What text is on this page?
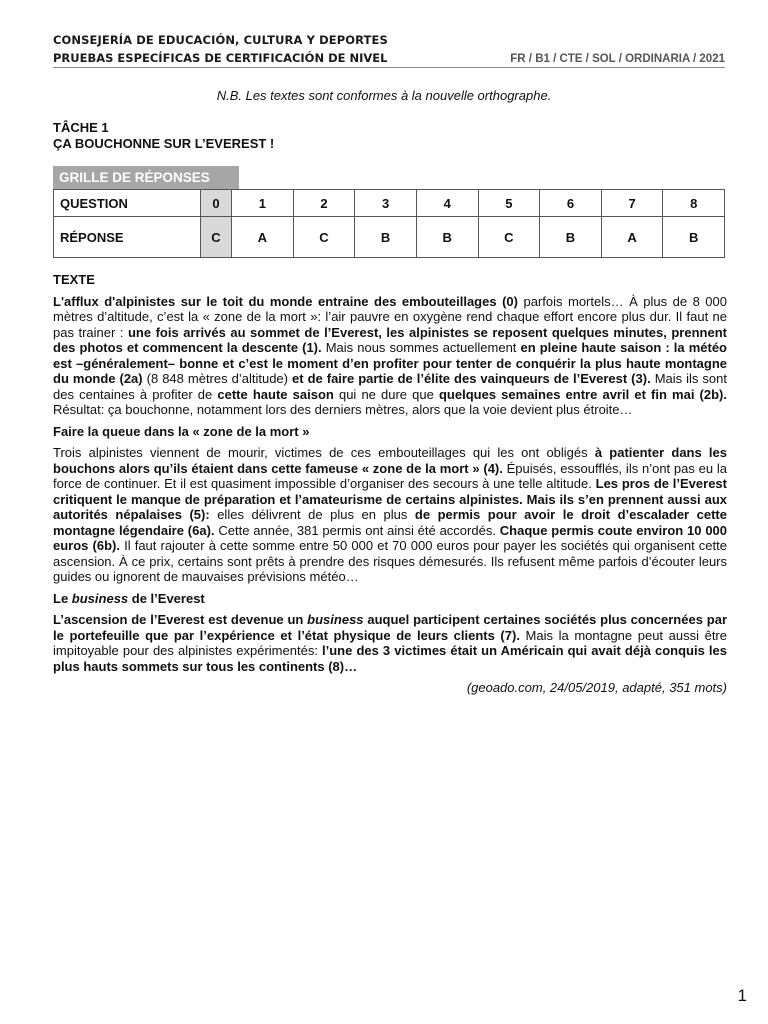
CONSEJERÍA DE EDUCACIÓN, CULTURA Y DEPORTES
PRUEBAS ESPECÍFICAS DE CERTIFICACIÓN DE NIVEL	FR / B1 / CTE / SOL / ORDINARIA / 2021
N.B. Les textes sont conformes à la nouvelle orthographe.
TÂCHE 1
ÇA BOUCHONNE SUR L’EVEREST !
GRILLE DE RÉPONSES
QUESTION	0	1	2	3	4	5	6	7	8
RÉPONSE	C	A	C	B	B	C	B	A	B

TEXTE

L'afflux d'alpinistes sur le toit du monde entraine des embouteillages (0) parfois mortels… À plus de 8 000 mètres d’altitude, c’est la « zone de la mort »: l’air pauvre en oxygène rend chaque effort encore plus dur. Il faut ne pas trainer : une fois arrivés au sommet de l’Everest, les alpinistes se reposent quelques minutes, prennent des photos et commencent la descente (1). Mais nous sommes actuellement en pleine haute saison : la météo est –généralement– bonne et c’est le moment d’en profiter pour tenter de conquérir la plus haute montagne du monde (2a) (8 848 mètres d’altitude) et de faire partie de l’élite des vainqueurs de l’Everest (3). Mais ils sont des centaines à profiter de cette haute saison qui ne dure que quelques semaines entre avril et fin mai (2b). Résultat: ça bouchonne, notamment lors des derniers mètres, alors que la voie devient plus étroite…

Faire la queue dans la « zone de la mort »

Trois alpinistes viennent de mourir, victimes de ces embouteillages qui les ont obligés à patienter dans les bouchons alors qu’ils étaient dans cette fameuse « zone de la mort » (4). Épuisés, essoufflés, ils n’ont pas eu la force de continuer. Et il est quasiment impossible d’organiser des secours à une telle altitude. Les pros de l’Everest critiquent le manque de préparation et l’amateurisme de certains alpinistes. Mais ils s’en prennent aussi aux autorités népalaises (5): elles délivrent de plus en plus de permis pour avoir le droit d’escalader cette montagne légendaire (6a). Cette année, 381 permis ont ainsi été accordés. Chaque permis coute environ 10 000 euros (6b). Il faut rajouter à cette somme entre 50 000 et 70 000 euros pour payer les sociétés qui organisent cette ascension. À ce prix, certains sont prêts à prendre des risques démesurés. Ils refusent même parfois d’écouter leurs guides ou ignorent de mauvaises prévisions météo…

Le business de l’Everest

L’ascension de l’Everest est devenue un business auquel participent certaines sociétés plus concernées par le portefeuille que par l’expérience et l’état physique de leurs clients (7). Mais la montagne peut aussi être impitoyable pour des alpinistes expérimentés: l’une des 3 victimes était un Américain qui avait déjà conquis les plus hauts sommets sur tous les continents (8)…

(geoado.com, 24/05/2019, adapté, 351 mots)

1
